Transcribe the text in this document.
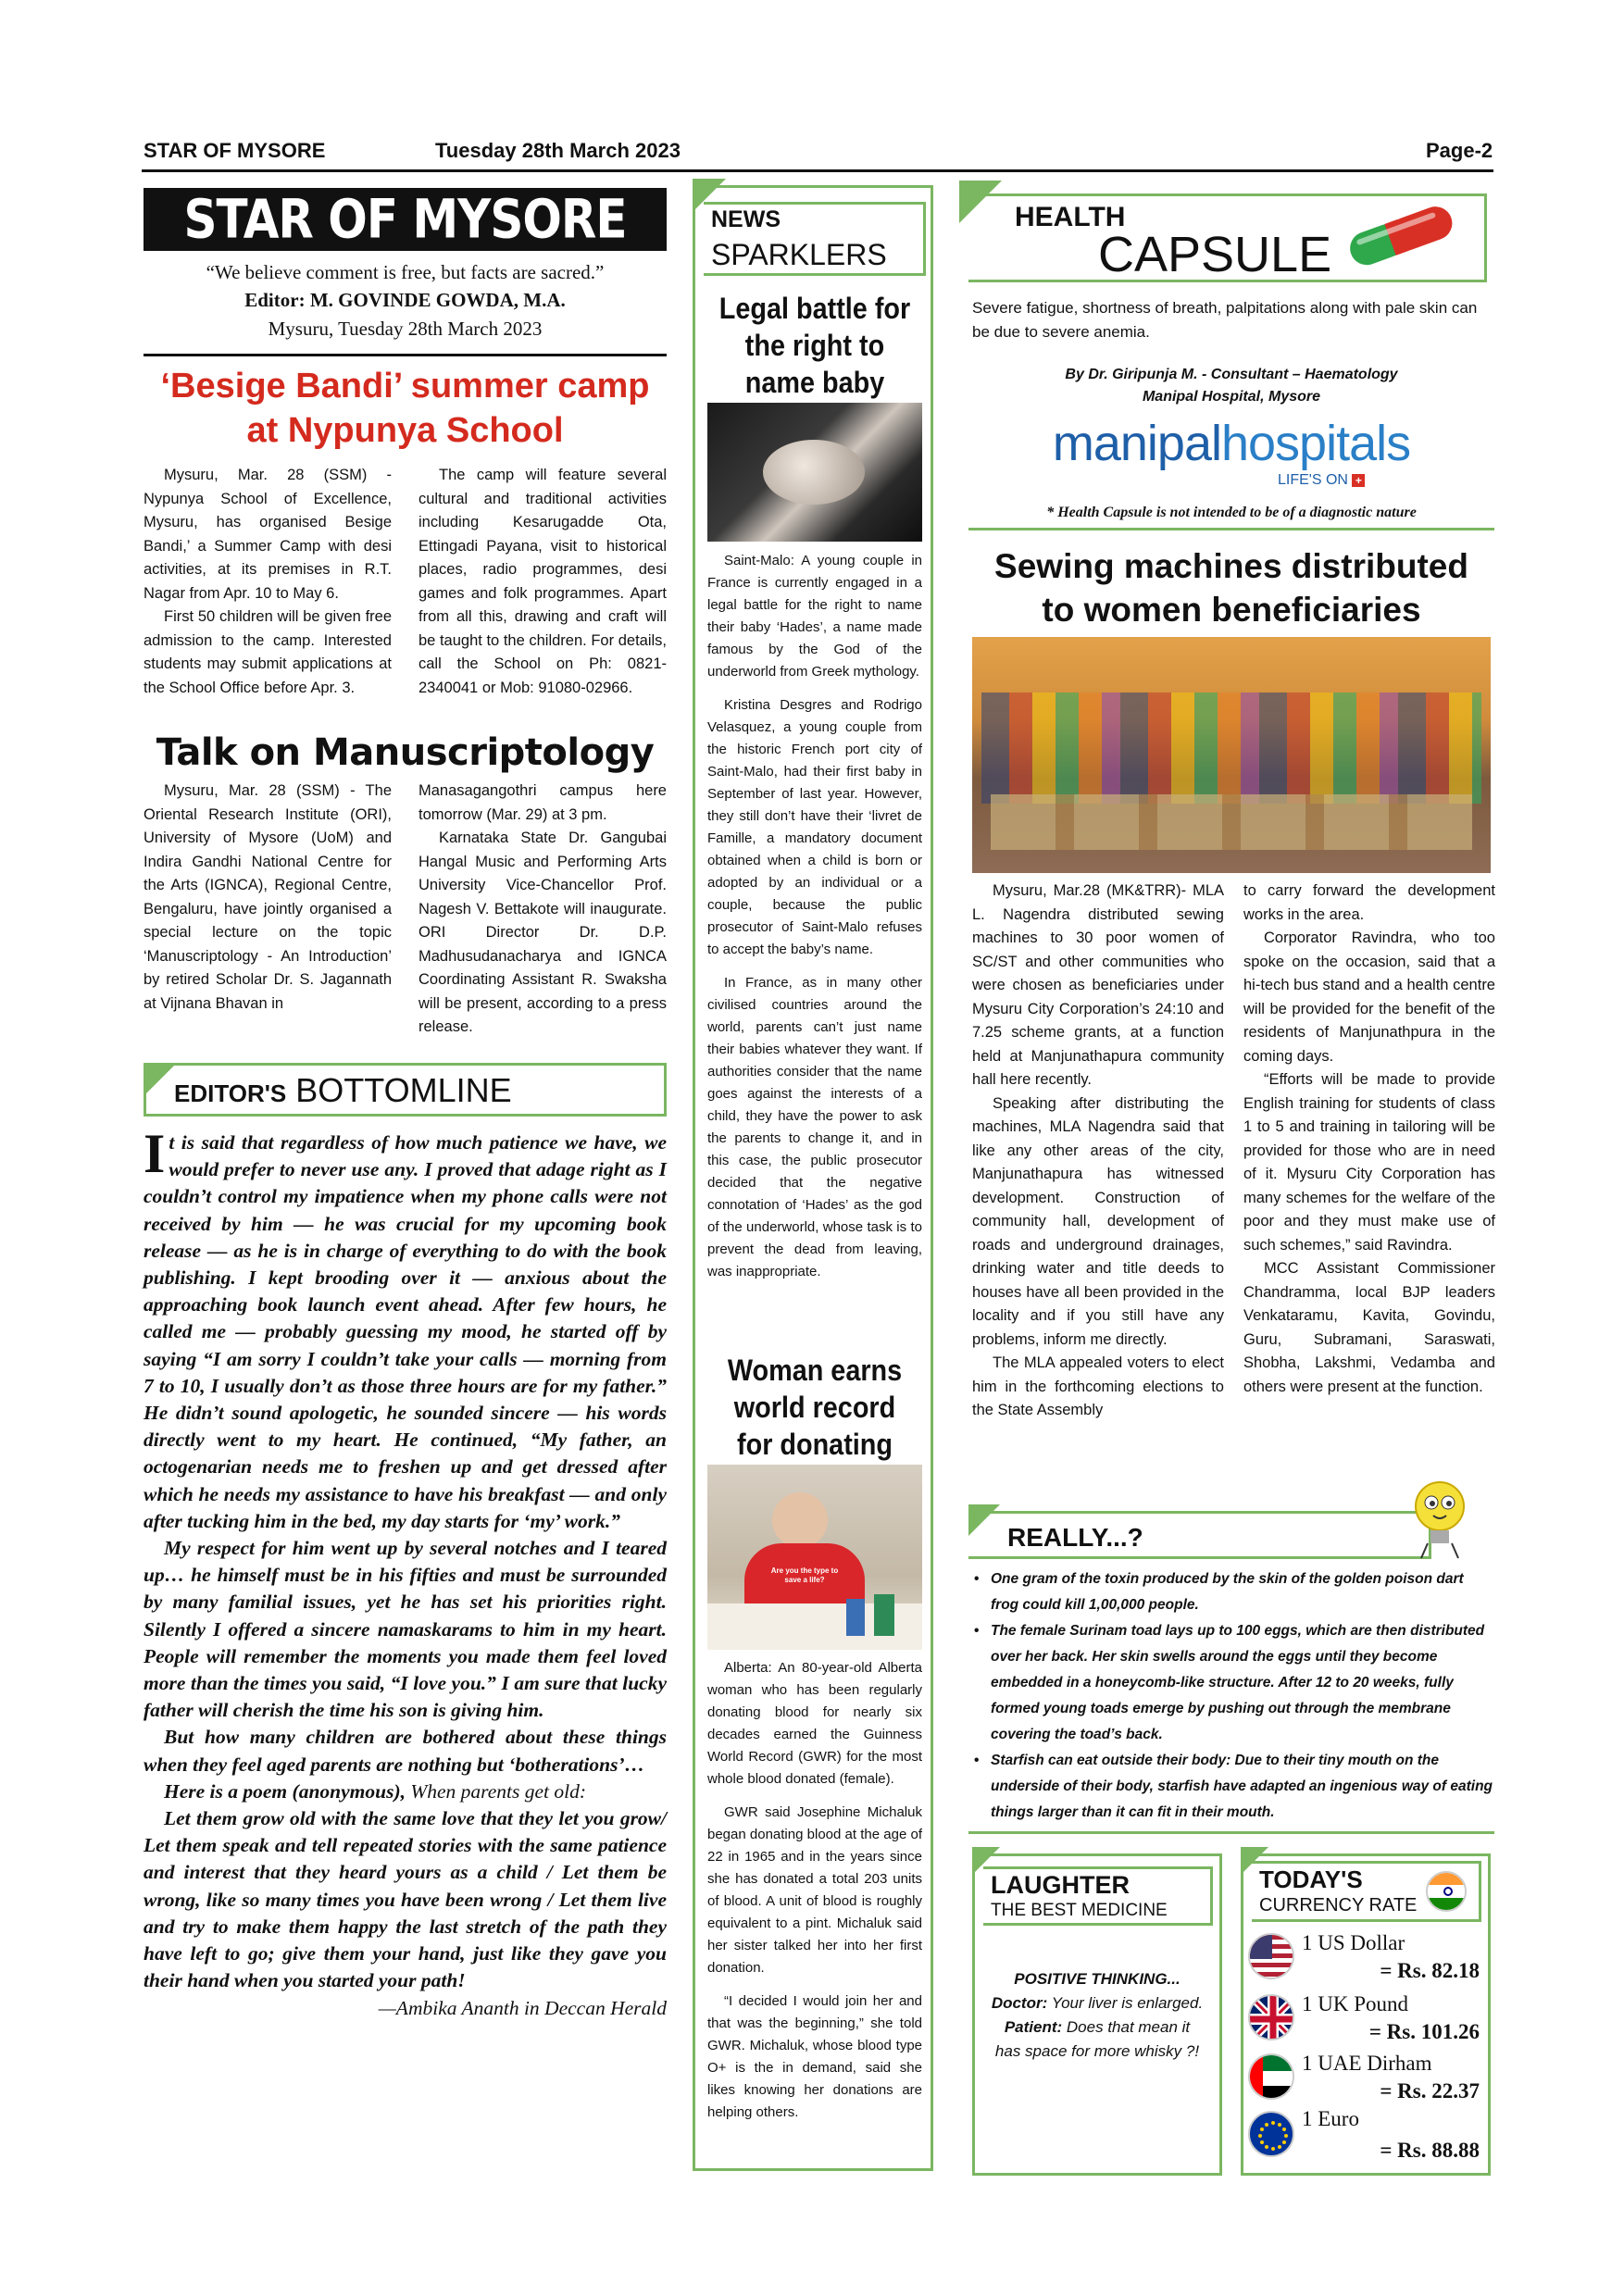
STAR OF MYSORE	Tuesday 28th March 2023	Page-2
STAR OF MYSORE
“We believe comment is free, but facts are sacred.”
Editor: M. GOVINDE GOWDA, M.A.
Mysuru, Tuesday 28th March 2023
‘Besige Bandi’ summer camp
at Nypunya School

Mysuru, Mar. 28 (SSM) - Nypunya School of Excellence, Mysuru, has organised Besige Bandi,’ a Summer Camp with desi activities, at its premises in R.T. Nagar from Apr. 10 to May 6.

First 50 children will be given free admission to the camp. Interested students may submit applications at the School Office before Apr. 3.

The camp will feature several cultural and traditional activities including Kesarugadde Ota, Ettingadi Payana, visit to historical places, radio programmes, desi games and folk programmes. Apart from all this, drawing and craft will be taught to the children. For details, call the School on Ph: 0821-2340041 or Mob: 91080-02966.

Talk on Manuscriptology

Mysuru, Mar. 28 (SSM) - The Oriental Research Institute (ORI), University of Mysore (UoM) and Indira Gandhi National Centre for the Arts (IGNCA), Regional Centre, Bengaluru, have jointly organised a special lecture on the topic ‘Manuscriptology - An Introduction’ by retired Scholar Dr. S. Jagannath at Vijnana Bhavan in

Manasagangothri campus here tomorrow (Mar. 29) at 3 pm.

Karnataka State Dr. Gangubai Hangal Music and Performing Arts University Vice-Chancellor Prof. Nagesh V. Bettakote will inaugurate. ORI Director Dr. D.P. Madhusudanacharya and IGNCA Coordinating Assistant R. Swaksha will be present, according to a press release.

EDITOR'S BOTTOMLINE

It is said that regardless of how much patience we have, we would prefer to never use any. I proved that adage right as I couldn’t control my impatience when my phone calls were not received by him — he was crucial for my upcoming book release — as he is in charge of everything to do with the book publishing. I kept brooding over it — anxious about the approaching book launch event ahead. After few hours, he called me — probably guessing my mood, he started off by saying “I am sorry I couldn’t take your calls — morning from 7 to 10, I usually don’t as those three hours are for my father.” He didn’t sound apologetic, he sounded sincere — his words directly went to my heart. He continued, “My father, an octogenarian needs me to freshen up and get dressed after which he needs my assistance to have his breakfast — and only after tucking him in the bed, my day starts for ‘my’ work.”

My respect for him went up by several notches and I teared up… he himself must be in his fifties and must be surrounded by many familial issues, yet he has set his priorities right. Silently I offered a sincere namaskarams to him in my heart. People will remember the moments you made them feel loved more than the times you said, “I love you.” I am sure that lucky father will cherish the time his son is giving him.

But how many children are bothered about these things when they feel aged parents are nothing but ‘botherations’…

Here is a poem (anonymous), When parents get old:

Let them grow old with the same love that they let you grow/ Let them speak and tell repeated stories with the same patience and interest that they heard yours as a child / Let them be wrong, like so many times you have been wrong / Let them live and try to make them happy the last stretch of the path they have left to go; give them your hand, just like they gave you their hand when you started your path!

—Ambika Ananth in Deccan Herald

NEWS
SPARKLERS
Legal battle for the right to name baby

Saint-Malo: A young couple in France is currently engaged in a legal battle for the right to name their baby ‘Hades’, a name made famous by the God of the underworld from Greek mythology.

Kristina Desgres and Rodrigo Velasquez, a young couple from the historic French port city of Saint-Malo, had their first baby in September of last year. However, they still don’t have their ‘livret de Famille, a mandatory document obtained when a child is born or adopted by an individual or a couple, because the public prosecutor of Saint-Malo refuses to accept the baby’s name.

In France, as in many other civilised countries around the world, parents can’t just name their babies whatever they want. If authorities consider that the name goes against the interests of a child, they have the power to ask the parents to change it, and in this case, the public prosecutor decided that the negative connotation of ‘Hades’ as the god of the underworld, whose task is to prevent the dead from leaving, was inappropriate.

Woman earns world record for donating
Are you the type to save a life?

Alberta: An 80-year-old Alberta woman who has been regularly donating blood for nearly six decades earned the Guinness World Record (GWR) for the most whole blood donated (female).

GWR said Josephine Michaluk began donating blood at the age of 22 in 1965 and in the years since she has donated a total 203 units of blood. A unit of blood is roughly equivalent to a pint. Michaluk said her sister talked her into her first donation.

“I decided I would join her and that was the beginning,” she told GWR. Michaluk, whose blood type O+ is the in demand, said she likes knowing her donations are helping others.

HEALTH
CAPSULE
Severe fatigue, shortness of breath, palpitations along with pale skin can be due to severe anemia.
By Dr. Giripunja M. - Consultant – Haematology
Manipal Hospital, Mysore
manipalhospitals
LIFE'S ON +
* Health Capsule is not intended to be of a diagnostic nature
Sewing machines distributed
to women beneficiaries

Mysuru, Mar.28 (MK&TRR)- MLA L. Nagendra distributed sewing machines to 30 poor women of SC/ST and other communities who were chosen as beneficiaries under Mysuru City Corporation’s 24:10 and 7.25 scheme grants, at a function held at Manjunathapura community hall here recently.

Speaking after distributing the machines, MLA Nagendra said that like any other areas of the city, Manjunathapura has witnessed development. Construction of community hall, development of roads and underground drainages, drinking water and title deeds to houses have all been provided in the locality and if you still have any problems, inform me directly.

The MLA appealed voters to elect him in the forthcoming elections to the State Assembly

to carry forward the development works in the area.

Corporator Ravindra, who too spoke on the occasion, said that a hi-tech bus stand and a health centre will be provided for the benefit of the residents of Manjunathpura in the coming days.

“Efforts will be made to provide English training for students of class 1 to 5 and training in tailoring will be provided for those who are in need of it. Mysuru City Corporation has many schemes for the welfare of the poor and they must make use of such schemes,” said Ravindra.

MCC Assistant Commissioner Chandramma, local BJP leaders Venkataramu, Kavita, Govindu, Guru, Subramani, Saraswati, Shobha, Lakshmi, Vedamba and others were present at the function.

REALLY...?
• One gram of the toxin produced by the skin of the golden poison dart frog could kill 1,00,000 people.
• The female Surinam toad lays up to 100 eggs, which are then distributed over her back. Her skin swells around the eggs until they become embedded in a honeycomb-like structure. After 12 to 20 weeks, fully formed young toads emerge by pushing out through the membrane covering the toad’s back.
• Starfish can eat outside their body: Due to their tiny mouth on the underside of their body, starfish have adapted an ingenious way of eating things larger than it can fit in their mouth.
LAUGHTER
THE BEST MEDICINE
POSITIVE THINKING...
Doctor: Your liver is enlarged.
Patient: Does that mean it has space for more whisky ?!
TODAY'S
CURRENCY RATE
1 US Dollar
= Rs. 82.18
1 UK Pound
= Rs. 101.26
1 UAE Dirham
= Rs. 22.37
1 Euro
= Rs. 88.88
